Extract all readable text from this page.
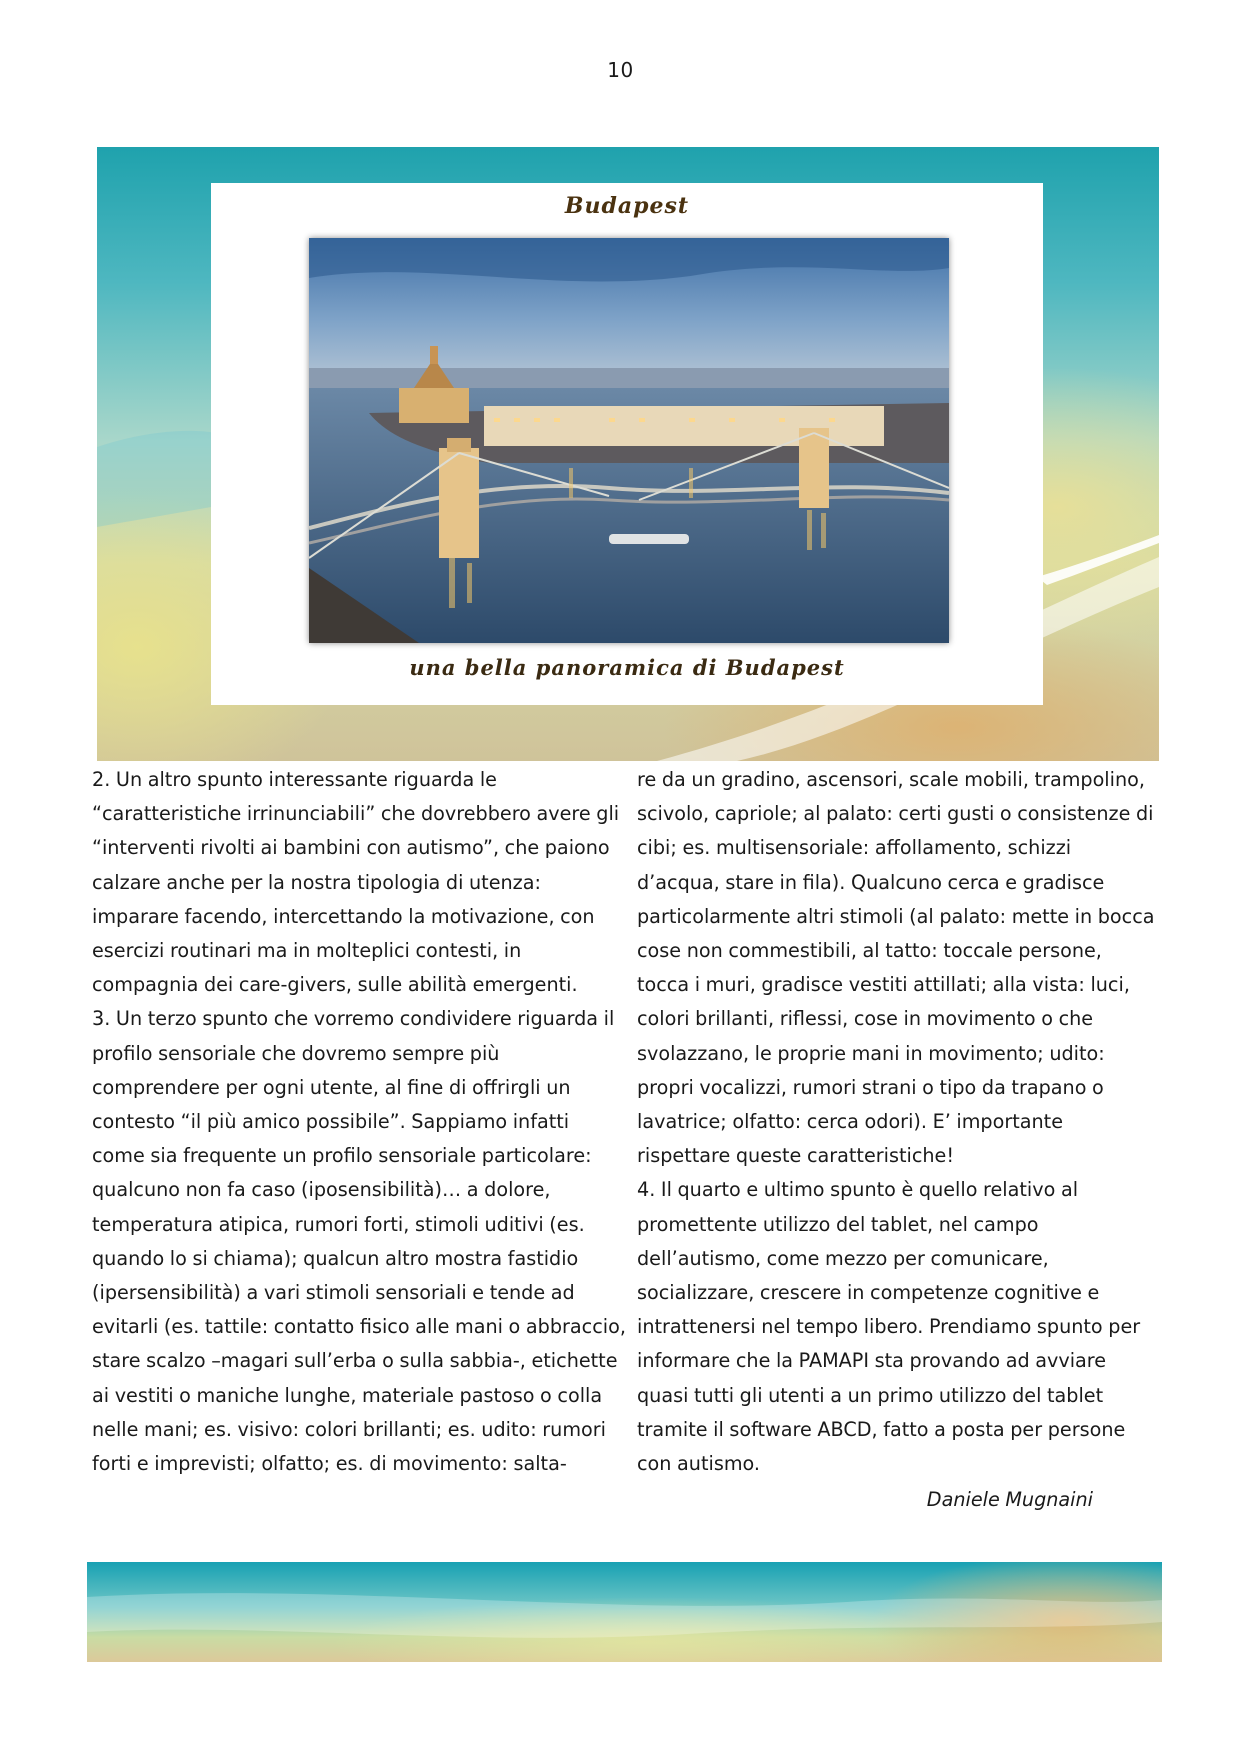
10
Budapest
una bella panoramica di Budapest

2. Un altro spunto interessante riguarda le “caratteristiche irrinunciabili” che dovrebbero avere gli “interventi rivolti ai bambini con autismo”, che paiono calzare anche per la nostra tipologia di utenza: imparare facendo, intercettando la motivazione, con esercizi routinari ma in molteplici contesti, in compagnia dei care-givers, sulle abilità emergenti.

3. Un terzo spunto che vorremo condividere riguarda il profilo sensoriale che dovremo sempre più comprendere per ogni utente, al fine di offrirgli un contesto “il più amico possibile”. Sappiamo infatti come sia frequente un profilo sensoriale particolare: qualcuno non fa caso (iposensibilità)… a dolore, temperatura atipica, rumori forti, stimoli uditivi (es. quando lo si chiama); qualcun altro mostra fastidio (ipersensibilità) a vari stimoli sensoriali e tende ad evitarli (es. tattile: contatto fisico alle mani o abbraccio, stare scalzo –magari sull’erba o sulla sabbia-, etichette ai vestiti o maniche lunghe, materiale pastoso o colla nelle mani; es. visivo: colori brillanti; es. udito: rumori forti e imprevisti; olfatto; es. di movimento: salta-

re da un gradino, ascensori, scale mobili, trampolino, scivolo, capriole; al palato: certi gusti o consistenze di cibi; es. multisensoriale: affollamento, schizzi d’acqua, stare in fila). Qualcuno cerca e gradisce particolarmente altri stimoli (al palato: mette in bocca cose non commestibili, al tatto: toccale persone, tocca i muri, gradisce vestiti attillati; alla vista: luci, colori brillanti, riflessi, cose in movimento o che svolazzano, le proprie mani in movimento; udito: propri vocalizzi, rumori strani o tipo da trapano o lavatrice; olfatto: cerca odori). E’ importante rispettare queste caratteristiche!

4. Il quarto e ultimo spunto è quello relativo al promettente utilizzo del tablet, nel campo dell’autismo, come mezzo per comunicare, socializzare, crescere in competenze cognitive e intrattenersi nel tempo libero. Prendiamo spunto per informare che la PAMAPI sta provando ad avviare quasi tutti gli utenti a un primo utilizzo del tablet tramite il software ABCD, fatto a posta per persone con autismo.

Daniele Mugnaini
